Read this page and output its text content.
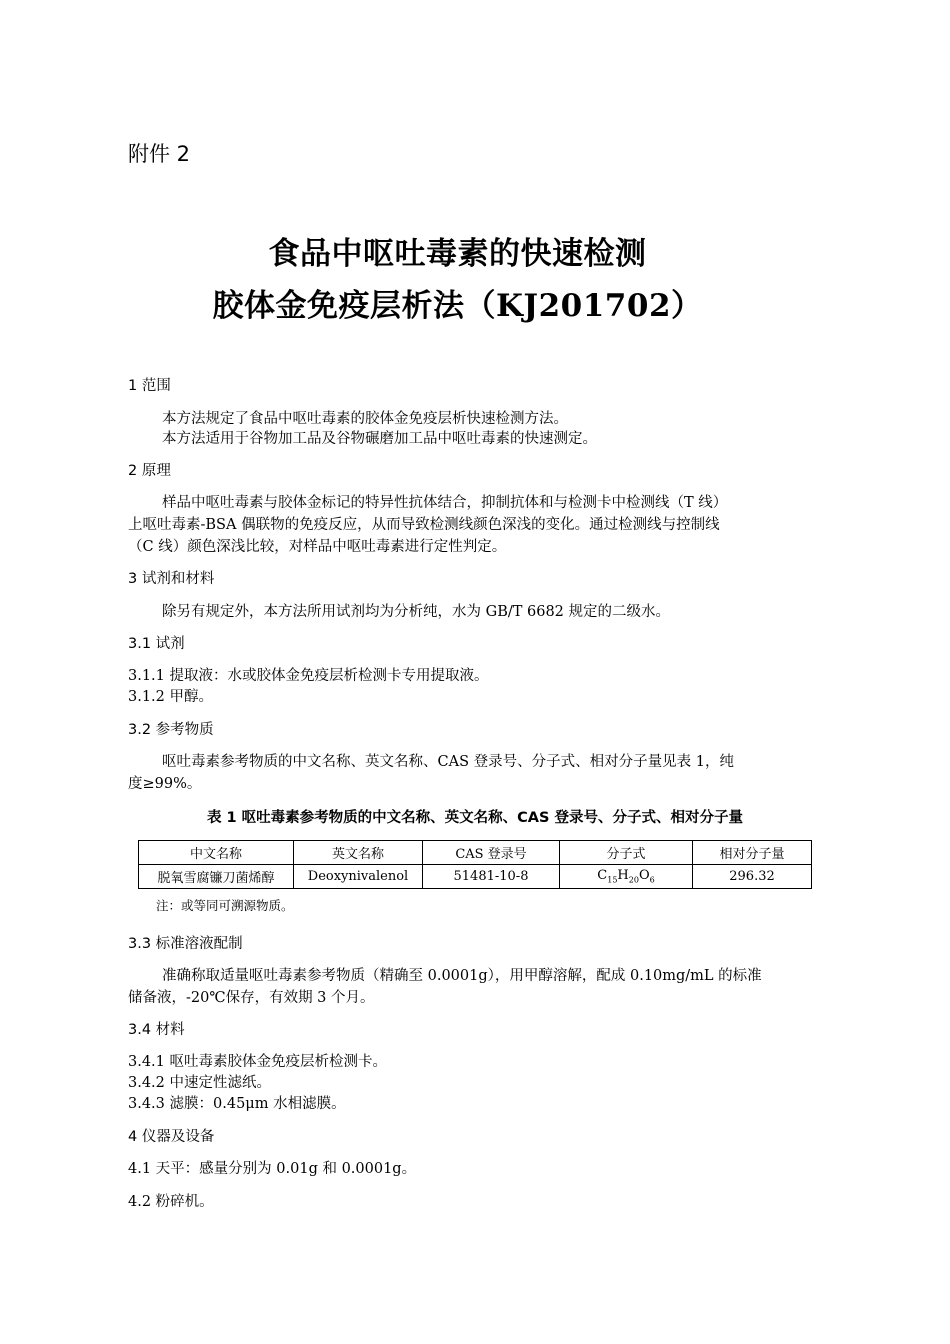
附件 2
食品中呕吐毒素的快速检测
胶体金免疫层析法（KJ201702）
1 范围

本方法规定了食品中呕吐毒素的胶体金免疫层析快速检测方法。

本方法适用于谷物加工品及谷物碾磨加工品中呕吐毒素的快速测定。

2 原理

样品中呕吐毒素与胶体金标记的特异性抗体结合，抑制抗体和与检测卡中检测线（T 线）

上呕吐毒素-BSA 偶联物的免疫反应，从而导致检测线颜色深浅的变化。通过检测线与控制线

（C 线）颜色深浅比较，对样品中呕吐毒素进行定性判定。

3 试剂和材料

除另有规定外，本方法所用试剂均为分析纯，水为 GB/T 6682 规定的二级水。

3.1 试剂

3.1.1 提取液：水或胶体金免疫层析检测卡专用提取液。

3.1.2 甲醇。

3.2 参考物质

呕吐毒素参考物质的中文名称、英文名称、CAS 登录号、分子式、相对分子量见表 1，纯

度≥99%。

表 1 呕吐毒素参考物质的中文名称、英文名称、CAS 登录号、分子式、相对分子量
中文名称	英文名称	CAS 登录号	分子式	相对分子量
脱氧雪腐镰刀菌烯醇	Deoxynivalenol	51481-10-8	$C_{15}H_{20}O_6$	296.32

注：或等同可溯源物质。

3.3 标准溶液配制

准确称取适量呕吐毒素参考物质（精确至 0.0001g），用甲醇溶解，配成 0.10mg/mL 的标准

储备液，-20℃保存，有效期 3 个月。

3.4 材料

3.4.1 呕吐毒素胶体金免疫层析检测卡。

3.4.2 中速定性滤纸。

3.4.3 滤膜：0.45μm 水相滤膜。

4 仪器及设备

4.1 天平：感量分别为 0.01g 和 0.0001g。

4.2 粉碎机。
